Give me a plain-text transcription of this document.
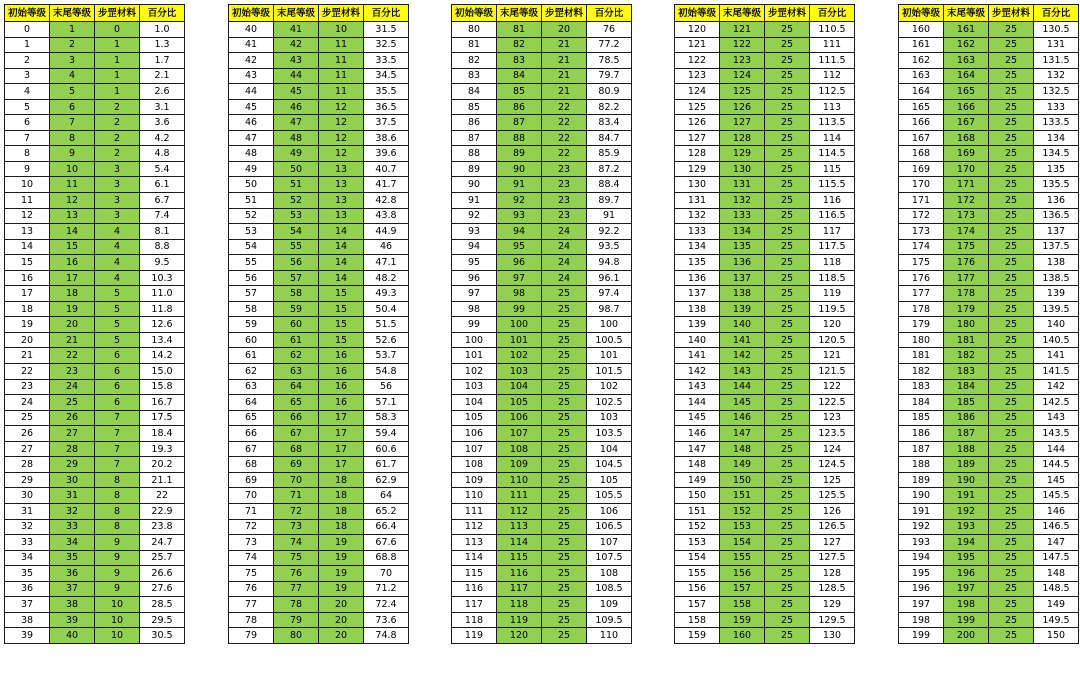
初始等级	末尾等级	步罡材料	百分比
0	1	0	1.0
1	2	1	1.3
2	3	1	1.7
3	4	1	2.1
4	5	1	2.6
5	6	2	3.1
6	7	2	3.6
7	8	2	4.2
8	9	2	4.8
9	10	3	5.4
10	11	3	6.1
11	12	3	6.7
12	13	3	7.4
13	14	4	8.1
14	15	4	8.8
15	16	4	9.5
16	17	4	10.3
17	18	5	11.0
18	19	5	11.8
19	20	5	12.6
20	21	5	13.4
21	22	6	14.2
22	23	6	15.0
23	24	6	15.8
24	25	6	16.7
25	26	7	17.5
26	27	7	18.4
27	28	7	19.3
28	29	7	20.2
29	30	8	21.1
30	31	8	22
31	32	8	22.9
32	33	8	23.8
33	34	9	24.7
34	35	9	25.7
35	36	9	26.6
36	37	9	27.6
37	38	10	28.5
38	39	10	29.5
39	40	10	30.5
初始等级	末尾等级	步罡材料	百分比
40	41	10	31.5
41	42	11	32.5
42	43	11	33.5
43	44	11	34.5
44	45	11	35.5
45	46	12	36.5
46	47	12	37.5
47	48	12	38.6
48	49	12	39.6
49	50	13	40.7
50	51	13	41.7
51	52	13	42.8
52	53	13	43.8
53	54	14	44.9
54	55	14	46
55	56	14	47.1
56	57	14	48.2
57	58	15	49.3
58	59	15	50.4
59	60	15	51.5
60	61	15	52.6
61	62	16	53.7
62	63	16	54.8
63	64	16	56
64	65	16	57.1
65	66	17	58.3
66	67	17	59.4
67	68	17	60.6
68	69	17	61.7
69	70	18	62.9
70	71	18	64
71	72	18	65.2
72	73	18	66.4
73	74	19	67.6
74	75	19	68.8
75	76	19	70
76	77	19	71.2
77	78	20	72.4
78	79	20	73.6
79	80	20	74.8
初始等级	末尾等级	步罡材料	百分比
80	81	20	76
81	82	21	77.2
82	83	21	78.5
83	84	21	79.7
84	85	21	80.9
85	86	22	82.2
86	87	22	83.4
87	88	22	84.7
88	89	22	85.9
89	90	23	87.2
90	91	23	88.4
91	92	23	89.7
92	93	23	91
93	94	24	92.2
94	95	24	93.5
95	96	24	94.8
96	97	24	96.1
97	98	25	97.4
98	99	25	98.7
99	100	25	100
100	101	25	100.5
101	102	25	101
102	103	25	101.5
103	104	25	102
104	105	25	102.5
105	106	25	103
106	107	25	103.5
107	108	25	104
108	109	25	104.5
109	110	25	105
110	111	25	105.5
111	112	25	106
112	113	25	106.5
113	114	25	107
114	115	25	107.5
115	116	25	108
116	117	25	108.5
117	118	25	109
118	119	25	109.5
119	120	25	110
初始等级	末尾等级	步罡材料	百分比
120	121	25	110.5
121	122	25	111
122	123	25	111.5
123	124	25	112
124	125	25	112.5
125	126	25	113
126	127	25	113.5
127	128	25	114
128	129	25	114.5
129	130	25	115
130	131	25	115.5
131	132	25	116
132	133	25	116.5
133	134	25	117
134	135	25	117.5
135	136	25	118
136	137	25	118.5
137	138	25	119
138	139	25	119.5
139	140	25	120
140	141	25	120.5
141	142	25	121
142	143	25	121.5
143	144	25	122
144	145	25	122.5
145	146	25	123
146	147	25	123.5
147	148	25	124
148	149	25	124.5
149	150	25	125
150	151	25	125.5
151	152	25	126
152	153	25	126.5
153	154	25	127
154	155	25	127.5
155	156	25	128
156	157	25	128.5
157	158	25	129
158	159	25	129.5
159	160	25	130
初始等级	末尾等级	步罡材料	百分比
160	161	25	130.5
161	162	25	131
162	163	25	131.5
163	164	25	132
164	165	25	132.5
165	166	25	133
166	167	25	133.5
167	168	25	134
168	169	25	134.5
169	170	25	135
170	171	25	135.5
171	172	25	136
172	173	25	136.5
173	174	25	137
174	175	25	137.5
175	176	25	138
176	177	25	138.5
177	178	25	139
178	179	25	139.5
179	180	25	140
180	181	25	140.5
181	182	25	141
182	183	25	141.5
183	184	25	142
184	185	25	142.5
185	186	25	143
186	187	25	143.5
187	188	25	144
188	189	25	144.5
189	190	25	145
190	191	25	145.5
191	192	25	146
192	193	25	146.5
193	194	25	147
194	195	25	147.5
195	196	25	148
196	197	25	148.5
197	198	25	149
198	199	25	149.5
199	200	25	150
